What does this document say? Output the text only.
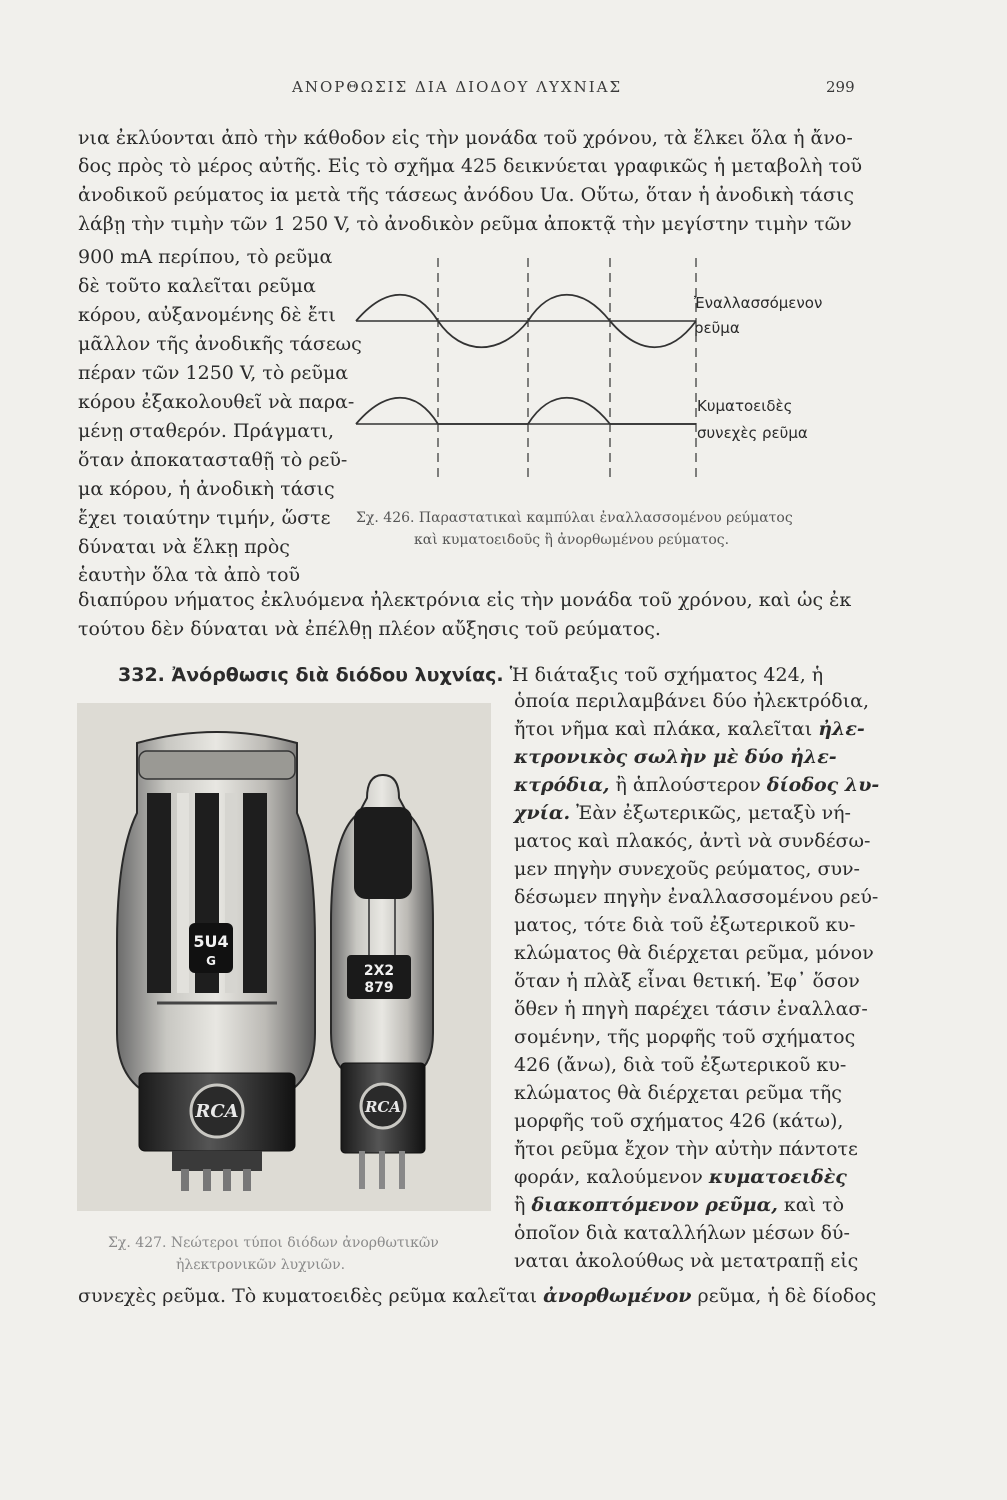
ΑΝΟΡΘΩΣΙΣ ΔΙΑ ΔΙΟΔΟΥ ΛΥΧΝΙΑΣ	299
νια ἐκλύονται ἀπὸ τὴν κάθοδον εἰς τὴν μονάδα τοῦ χρόνου, τὰ ἕλκει ὅλα ἡ ἄνο-
δος πρὸς τὸ μέρος αὐτῆς. Εἰς τὸ σχῆμα 425 δεικνύεται γραφικῶς ἡ μεταβολὴ τοῦ
ἀνοδικοῦ ρεύματος iα μετὰ τῆς τάσεως ἀνόδου Uα. Οὕτω, ὅταν ἡ ἀνοδικὴ τάσις
λάβῃ τὴν τιμὴν τῶν 1 250 V, τὸ ἀνοδικὸν ρεῦμα ἀποκτᾷ τὴν μεγίστην τιμὴν τῶν
900 mA περίπου, τὸ ρεῦμα
δὲ τοῦτο καλεῖται ρεῦμα
κόρου, αὐξανομένης δὲ ἔτι
μᾶλλον τῆς ἀνοδικῆς τάσεως
πέραν τῶν 1250 V, τὸ ρεῦμα
κόρου ἐξακολουθεῖ νὰ παρα-
μένῃ σταθερόν. Πράγματι,
ὅταν ἀποκατασταθῇ τὸ ρεῦ-
μα κόρου, ἡ ἀνοδικὴ τάσις
ἔχει τοιαύτην τιμήν, ὥστε
δύναται νὰ ἕλκῃ πρὸς
ἑαυτὴν ὅλα τὰ ἀπὸ τοῦ
Ἐναλλασσόμενον
ρεῦμα
Κυματοειδὲς
συνεχὲς ρεῦμα
Σχ. 426. Παραστατικαὶ καμπύλαι ἐναλλασσομένου ρεύματος
καὶ κυματοειδοῦς ἢ ἀνορθωμένου ρεύματος.
διαπύρου νήματος ἐκλυόμενα ἠλεκτρόνια εἰς τὴν μονάδα τοῦ χρόνου, καὶ ὡς ἐκ
τούτου δὲν δύναται νὰ ἐπέλθῃ πλέον αὔξησις τοῦ ρεύματος.
332. Ἀνόρθωσις διὰ διόδου λυχνίας. Ἡ διάταξις τοῦ σχήματος 424, ἡ
ὁποία περιλαμβάνει δύο ἠλεκτρόδια,
ἤτοι νῆμα καὶ πλάκα, καλεῖται ἠλε-
κτρονικὸς σωλὴν μὲ δύο ἠλε-
κτρόδια, ἢ ἁπλούστερον δίοδος λυ-
χνία. Ἐὰν ἐξωτερικῶς, μεταξὺ νή-
ματος καὶ πλακός, ἀντὶ νὰ συνδέσω-
μεν πηγὴν συνεχοῦς ρεύματος, συν-
δέσωμεν πηγὴν ἐναλλασσομένου ρεύ-
ματος, τότε διὰ τοῦ ἐξωτερικοῦ κυ-
κλώματος θὰ διέρχεται ρεῦμα, μόνον
ὅταν ἡ πλὰξ εἶναι θετική. Ἐφ᾽ ὅσον
ὅθεν ἡ πηγὴ παρέχει τάσιν ἐναλλασ-
σομένην, τῆς μορφῆς τοῦ σχήματος
426 (ἄνω), διὰ τοῦ ἐξωτερικοῦ κυ-
κλώματος θὰ διέρχεται ρεῦμα τῆς
μορφῆς τοῦ σχήματος 426 (κάτω),
ἤτοι ρεῦμα ἔχον τὴν αὐτὴν πάντοτε
φοράν, καλούμενον κυματοειδὲς
ἢ διακοπτόμενον ρεῦμα, καὶ τὸ
ὁποῖον διὰ καταλλήλων μέσων δύ-
ναται ἀκολούθως νὰ μετατραπῇ εἰς
συνεχὲς ρεῦμα. Τὸ κυματοειδὲς ρεῦμα καλεῖται ἀνορθωμένον ρεῦμα, ἡ δὲ δίοδος
5U4
G
RCA
2X2
879
RCA
Σχ. 427. Νεώτεροι τύποι διόδων ἀνορθωτικῶν
ἠλεκτρονικῶν λυχνιῶν.
